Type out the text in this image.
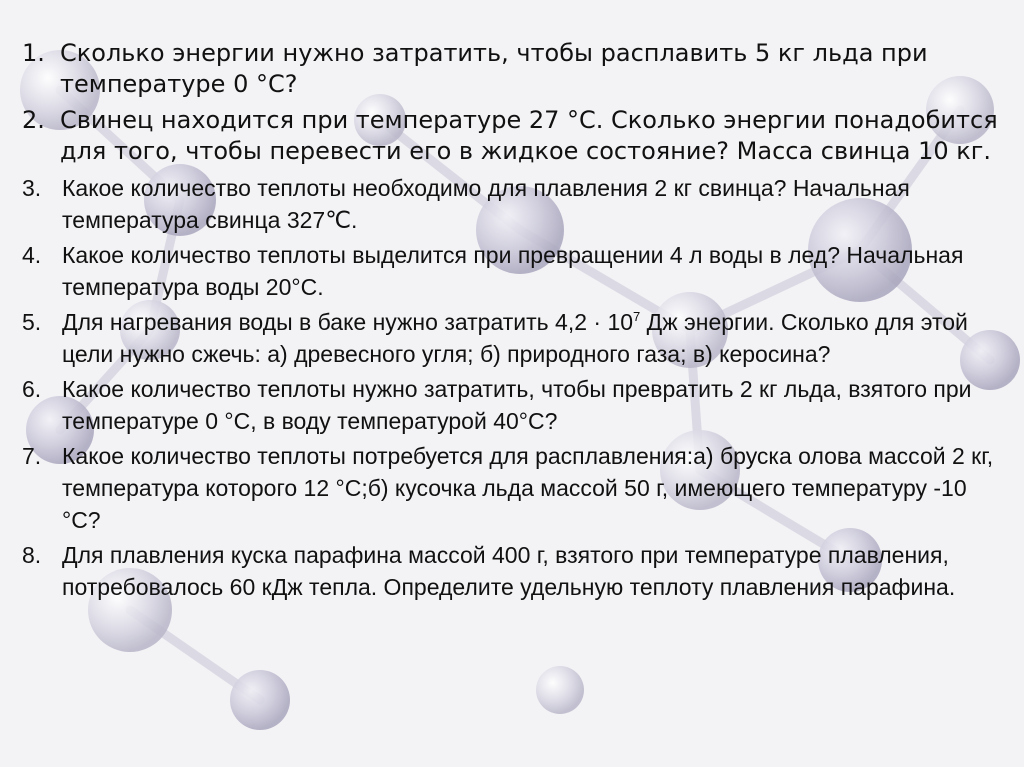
1. Сколько энергии нужно затратить, чтобы расплавить 5 кг льда при температуре 0 °С?
2. Свинец находится при температуре 27 °С. Сколько энергии понадобится для того, чтобы перевести его в жидкое состояние? Масса свинца 10 кг.
3. Какое количество теплоты необходимо для плавления 2 кг свинца? Начальная температура свинца 327℃.
4. Какое количество теплоты выделится при превращении 4 л воды в лед? Начальная температура воды 20°С.
5. Для нагревания воды в баке нужно затратить $4,2 \cdot 10^7$ Дж энергии. Сколько для этой цели нужно сжечь: а) древесного угля; б) природного газа; в) керосина?
6. Какое количество теплоты нужно затратить, чтобы превратить 2 кг льда, взятого при температуре 0 °С, в воду температурой 40°С?
7. Какое количество теплоты потребуется для расплавления:а) бруска олова массой 2 кг, температура которого 12 °С;б) кусочка льда массой 50 г, имеющего температуру -10 °С?
8. Для плавления куска парафина массой 400 г, взятого при температуре плавления, потребовалось 60 кДж тепла. Определите удельную теплоту плавления парафина.
